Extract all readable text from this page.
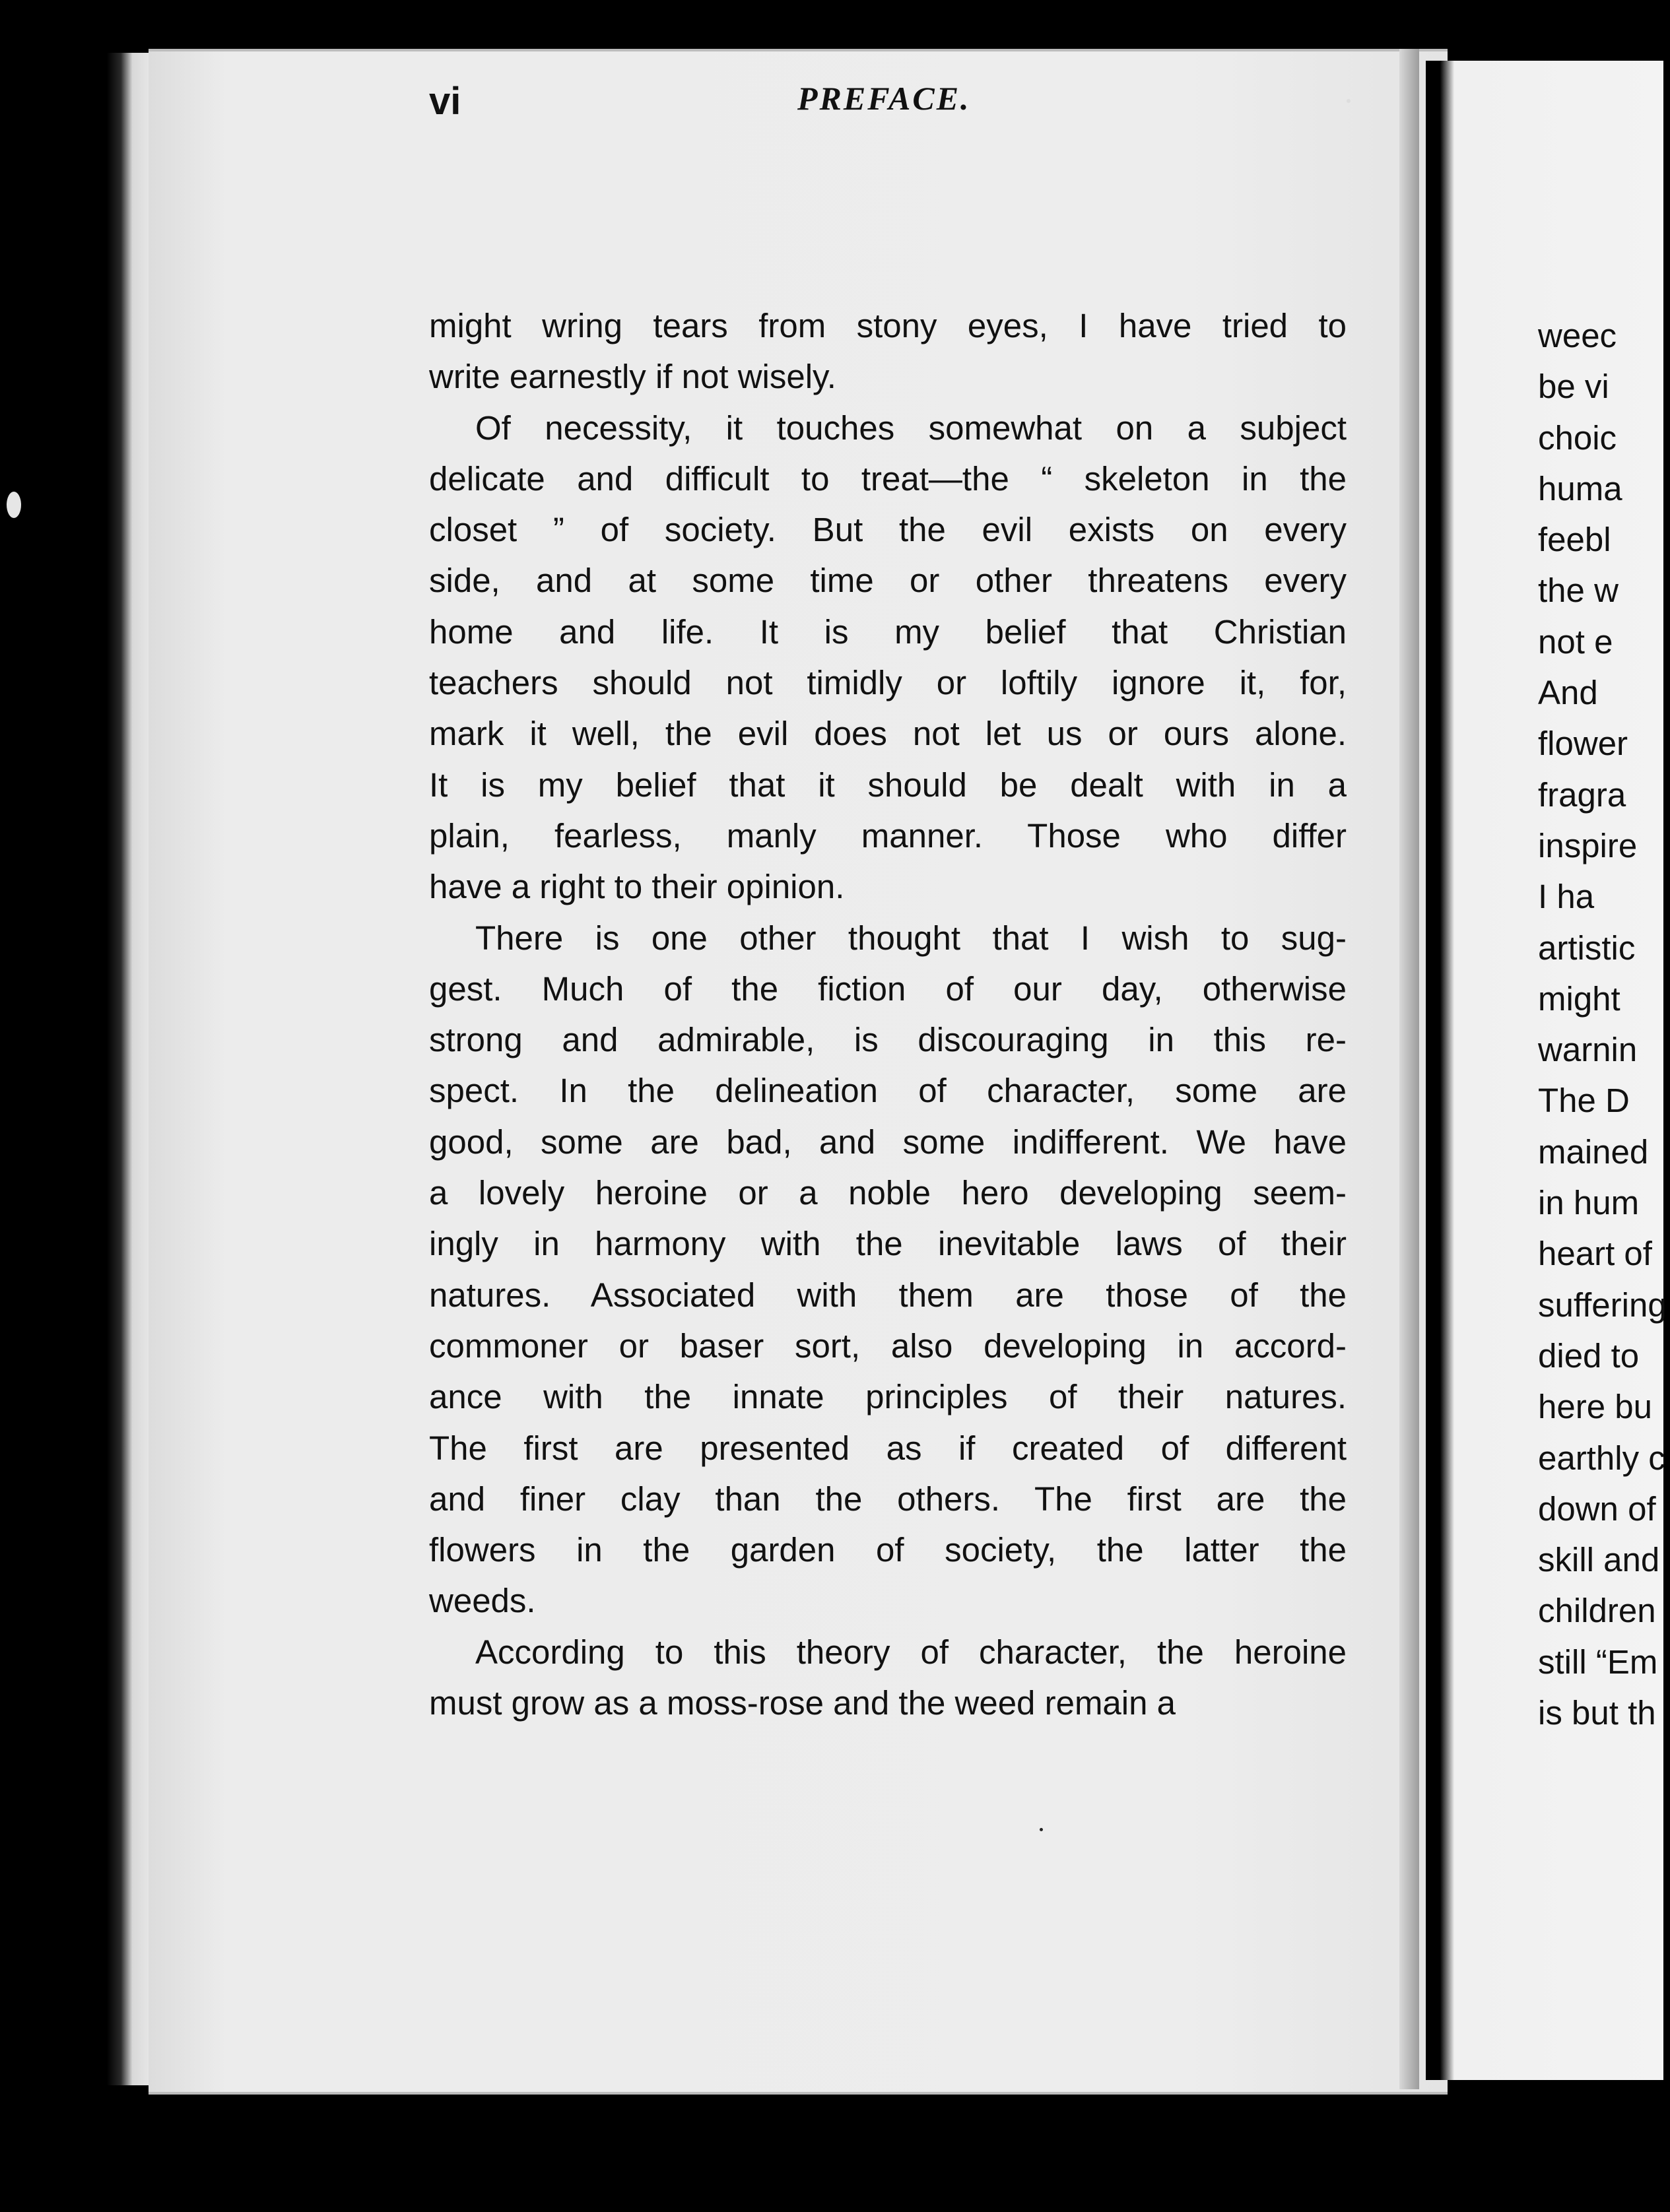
vi	PREFACE.

might wring tears from stony eyes, I have tried to
write earnestly if not wisely.

Of necessity, it touches somewhat on a subject
delicate and difficult to treat—the “ skeleton in the
closet ” of society. But the evil exists on every
side, and at some time or other threatens every
home and life. It is my belief that Christian
teachers should not timidly or loftily ignore it, for,
mark it well, the evil does not let us or ours alone.
It is my belief that it should be dealt with in a
plain, fearless, manly manner. Those who differ
have a right to their opinion.

There is one other thought that I wish to sug-
gest. Much of the fiction of our day, otherwise
strong and admirable, is discouraging in this re-
spect. In the delineation of character, some are
good, some are bad, and some indifferent. We have
a lovely heroine or a noble hero developing seem-
ingly in harmony with the inevitable laws of their
natures. Associated with them are those of the
commoner or baser sort, also developing in accord-
ance with the innate principles of their natures.
The first are presented as if created of different
and finer clay than the others. The first are the
flowers in the garden of society, the latter the
weeds.

According to this theory of character, the heroine
must grow as a moss-rose and the weed remain a

weec
be vi
choic
huma
feebl
the w
not e
And
flower
fragra
inspire
I ha
artistic
might
warnin
The D
mained
in hum
heart of
suffering
died to
here bu
earthly c
down of
skill and
children
still “Em
is but th
